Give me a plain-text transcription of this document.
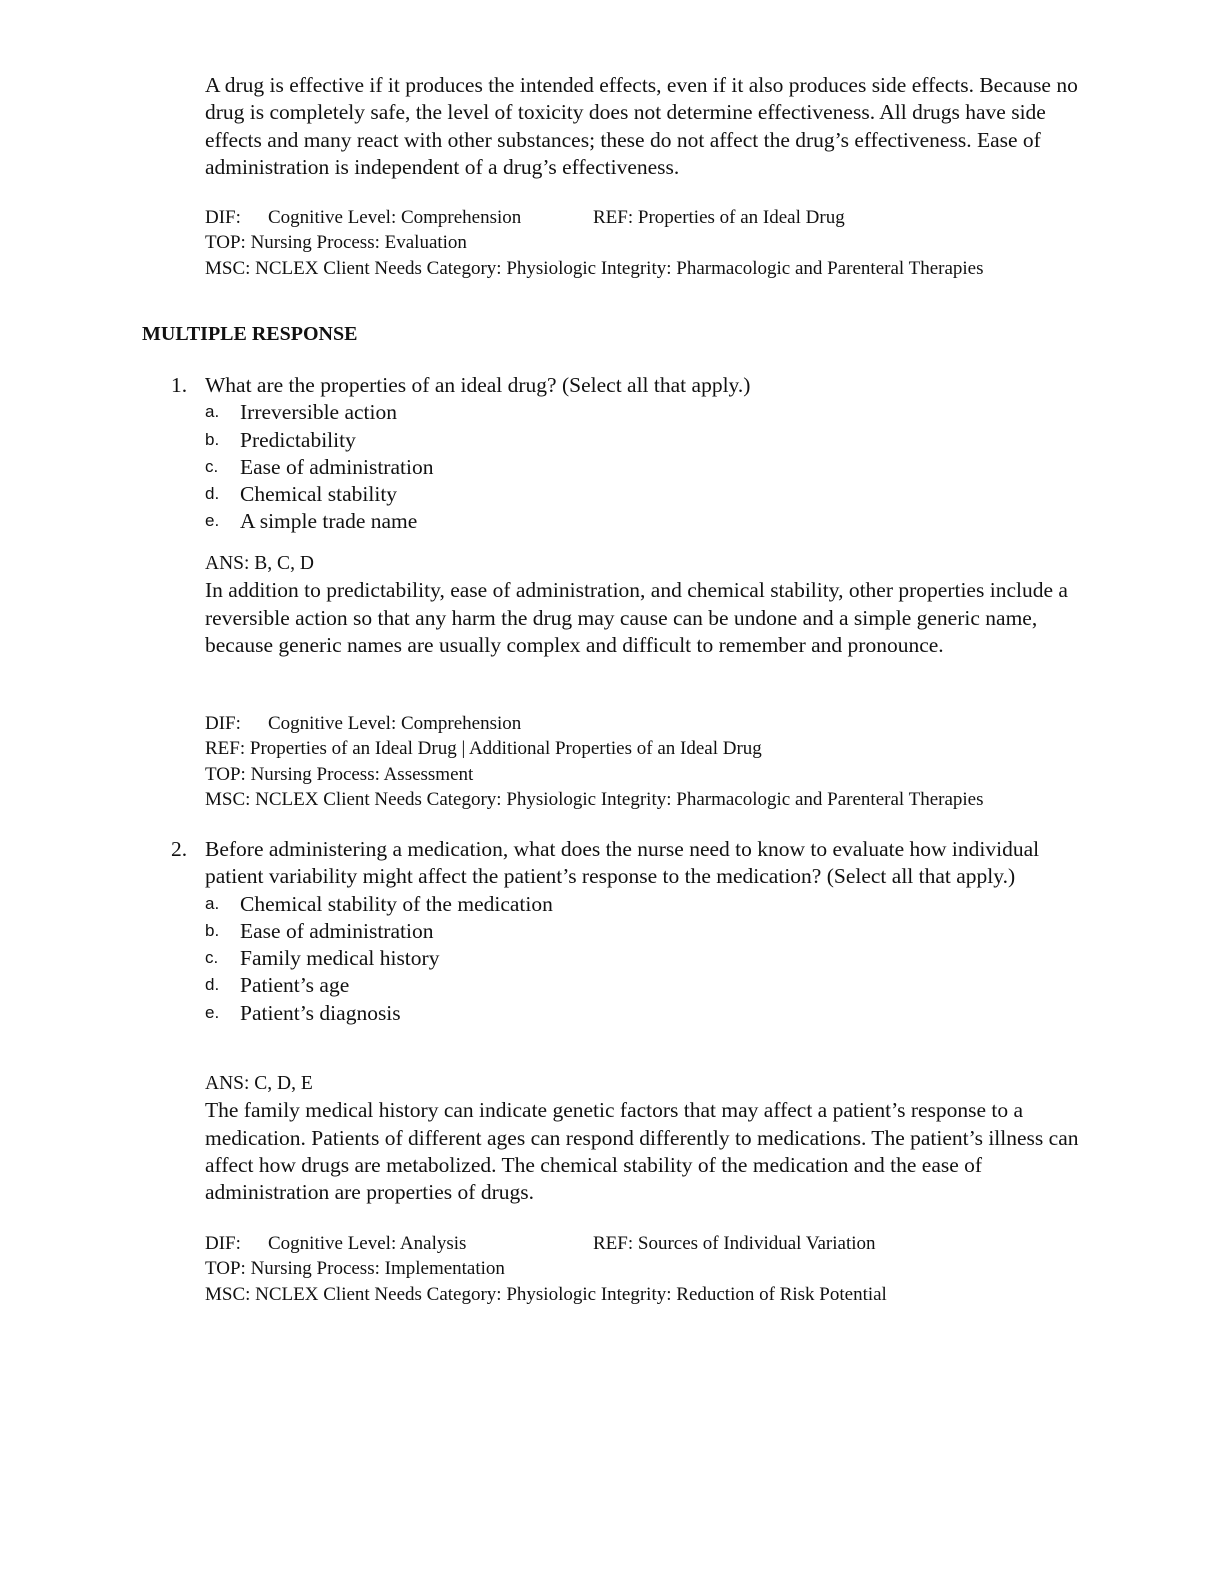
A drug is effective if it produces the intended effects, even if it also produces side effects. Because no drug is completely safe, the level of toxicity does not determine effectiveness. All drugs have side effects and many react with other substances; these do not affect the drug’s effectiveness. Ease of administration is independent of a drug’s effectiveness.
DIF: Cognitive Level: Comprehension	REF: Properties of an Ideal Drug
TOP: Nursing Process: Evaluation
MSC: NCLEX Client Needs Category: Physiologic Integrity: Pharmacologic and Parenteral Therapies
MULTIPLE RESPONSE
1. What are the properties of an ideal drug? (Select all that apply.)
a. Irreversible action
b. Predictability
c. Ease of administration
d. Chemical stability
e. A simple trade name
ANS: B, C, D
In addition to predictability, ease of administration, and chemical stability, other properties include a reversible action so that any harm the drug may cause can be undone and a simple generic name, because generic names are usually complex and difficult to remember and pronounce.
DIF: Cognitive Level: Comprehension
REF: Properties of an Ideal Drug | Additional Properties of an Ideal Drug
TOP: Nursing Process: Assessment
MSC: NCLEX Client Needs Category: Physiologic Integrity: Pharmacologic and Parenteral Therapies
2. Before administering a medication, what does the nurse need to know to evaluate how individual patient variability might affect the patient’s response to the medication? (Select all that apply.)
a. Chemical stability of the medication
b. Ease of administration
c. Family medical history
d. Patient’s age
e. Patient’s diagnosis
ANS: C, D, E
The family medical history can indicate genetic factors that may affect a patient’s response to a medication. Patients of different ages can respond differently to medications. The patient’s illness can affect how drugs are metabolized. The chemical stability of the medication and the ease of administration are properties of drugs.
DIF: Cognitive Level: Analysis	REF: Sources of Individual Variation
TOP: Nursing Process: Implementation
MSC: NCLEX Client Needs Category: Physiologic Integrity: Reduction of Risk Potential
